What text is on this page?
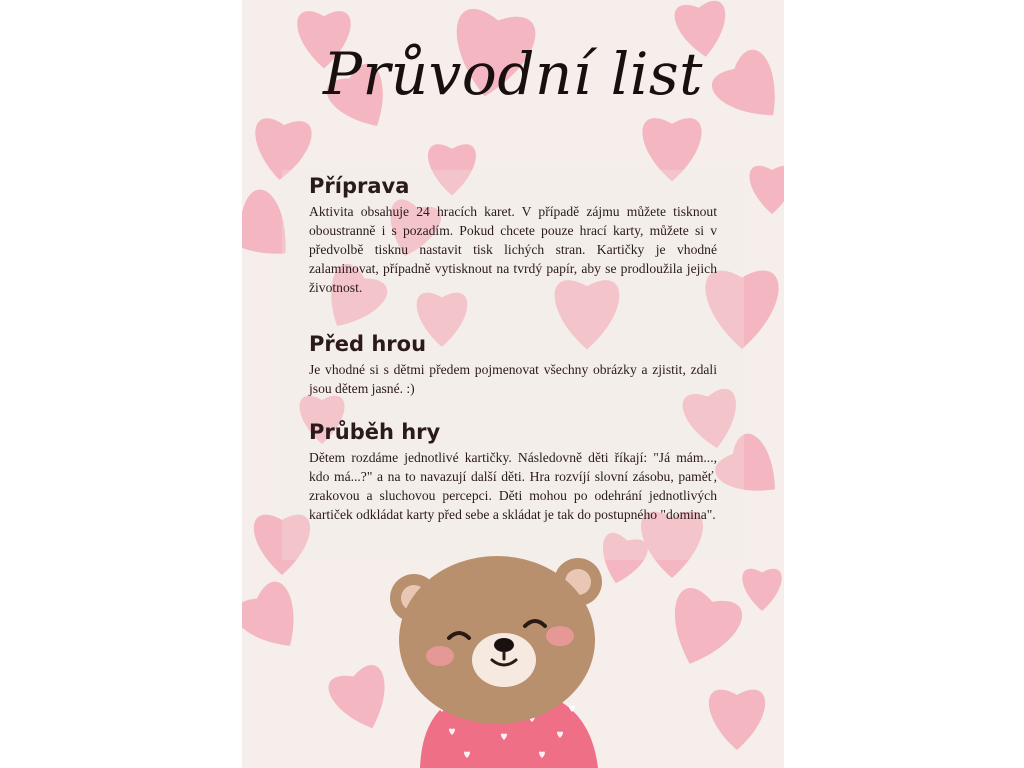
Průvodní list
Příprava

Aktivita obsahuje 24 hracích karet. V případě zájmu můžete tisknout oboustranně i s pozadím. Pokud chcete pouze hrací karty, můžete si v předvolbě tisknu nastavit tisk lichých stran. Kartičky je vhodné zalaminovat, případně vytisknout na tvrdý papír, aby se prodloužila jejich životnost.

Před hrou

Je vhodné si s dětmi předem pojmenovat všechny obrázky a zjistit, zdali jsou dětem jasné. :)

Průběh hry

Dětem rozdáme jednotlivé kartičky. Následovně děti říkají: "Já mám..., kdo má...?" a na to navazují další děti. Hra rozvíjí slovní zásobu, paměť, zrakovou a sluchovou percepci. Děti mohou po odehrání jednotlivých kartiček odkládat karty před sebe a skládat je tak do postupného "domina".
